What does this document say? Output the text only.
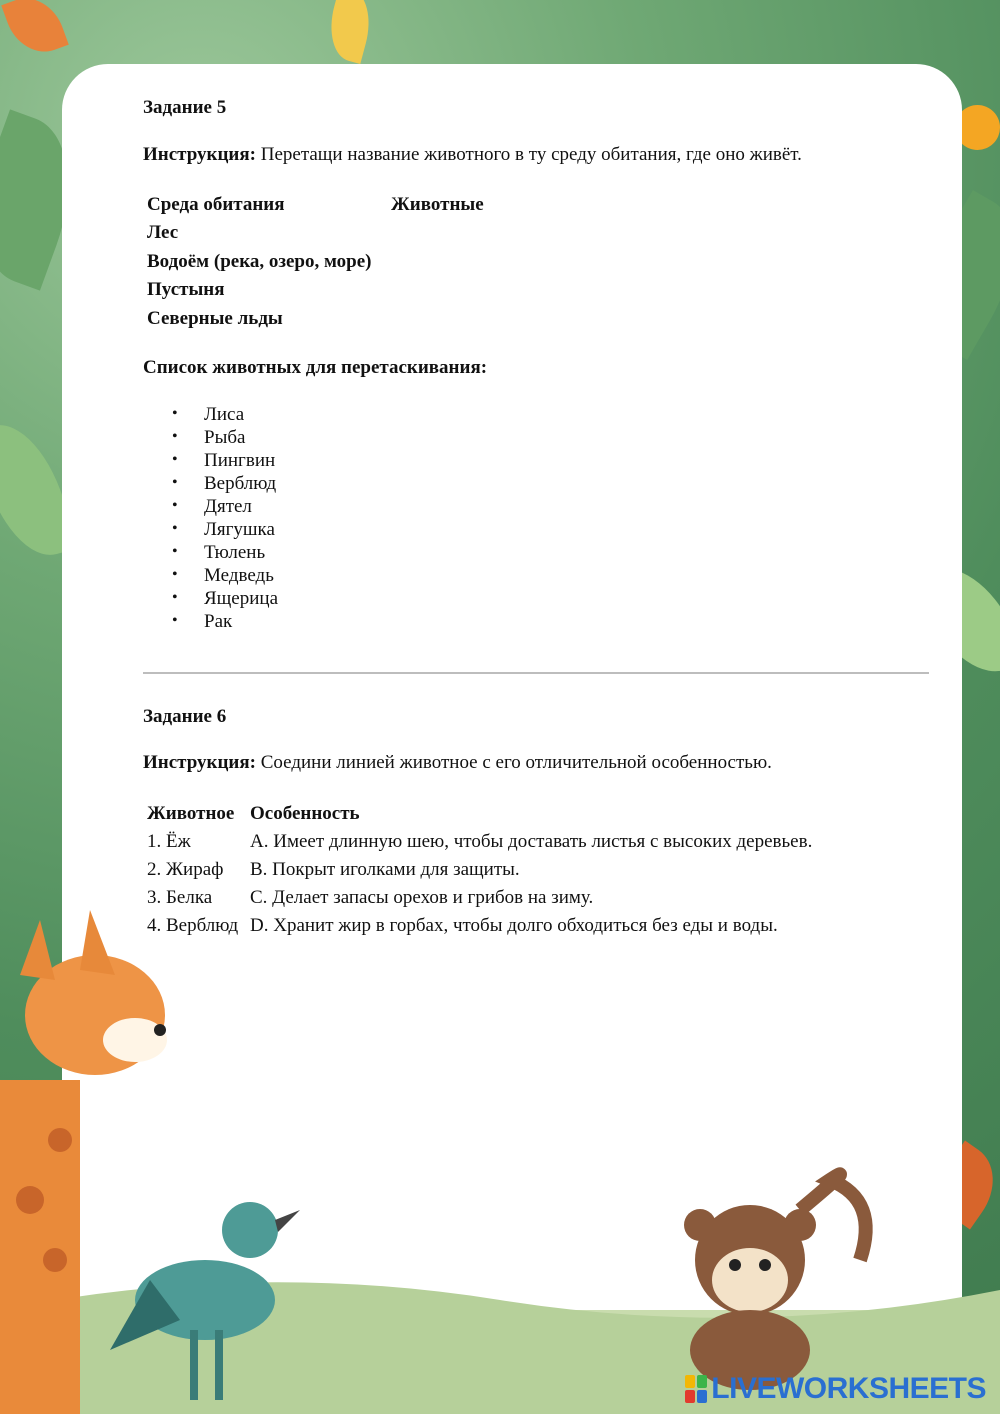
Задание 5
Инструкция: Перетащи название животного в ту среду обитания, где оно живёт.
Среда обитания	Животные
Лес
Водоём (река, озеро, море)
Пустыня
Северные льды
Список животных для перетаскивания:
• Лиса
• Рыба
• Пингвин
• Верблюд
• Дятел
• Лягушка
• Тюлень
• Медведь
• Ящерица
• Рак
Задание 6
Инструкция: Соедини линией животное с его отличительной особенностью.
Животное Особенность
1. Ёж	A. Имеет длинную шею, чтобы доставать листья с высоких деревьев.
2. Жираф B. Покрыт иголками для защиты.
3. Белка C. Делает запасы орехов и грибов на зиму.
4. Верблюд D. Хранит жир в горбах, чтобы долго обходиться без еды и воды.
LIVEWORKSHEETS
